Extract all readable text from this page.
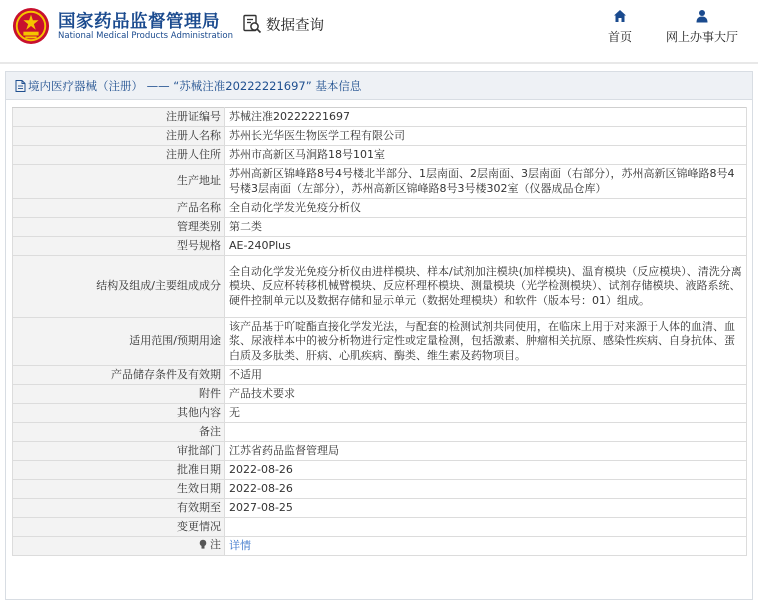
国家药品监督管理局
National Medical Products Administration
数据查询
首页	网上办事大厅
境内医疗器械（注册） —— “苏械注准20222221697” 基本信息
注册证编号	苏械注准20222221697
注册人名称	苏州长光华医生物医学工程有限公司
注册人住所	苏州市高新区马涧路18号101室
生产地址	苏州高新区锦峰路8号4号楼北半部分、1层南面、2层南面、3层南面（右部分），苏州高新区锦峰路8号4号楼3层南面（左部分），苏州高新区锦峰路8号3号楼302室（仪器成品仓库）
产品名称	全自动化学发光免疫分析仪
管理类别	第二类
型号规格	AE-240Plus
结构及组成/主要组成成分	全自动化学发光免疫分析仪由进样模块、样本/试剂加注模块(加样模块)、温育模块（反应模块）、清洗分离模块、反应杯转移机械臂模块、反应杯理杯模块、测量模块（光学检测模块）、试剂存储模块、液路系统、硬件控制单元以及数据存储和显示单元（数据处理模块）和软件（版本号：01）组成。
适用范围/预期用途	该产品基于吖啶酯直接化学发光法，与配套的检测试剂共同使用，在临床上用于对来源于人体的血清、血浆、尿液样本中的被分析物进行定性或定量检测，包括激素、肿瘤相关抗原、感染性疾病、自身抗体、蛋白质及多肽类、肝病、心肌疾病、酶类、维生素及药物项目。
产品储存条件及有效期	不适用
附件	产品技术要求
其他内容	无
备注	
审批部门	江苏省药品监督管理局
批准日期	2022-08-26
生效日期	2022-08-26
有效期至	2027-08-25
变更情况	

注	详情
